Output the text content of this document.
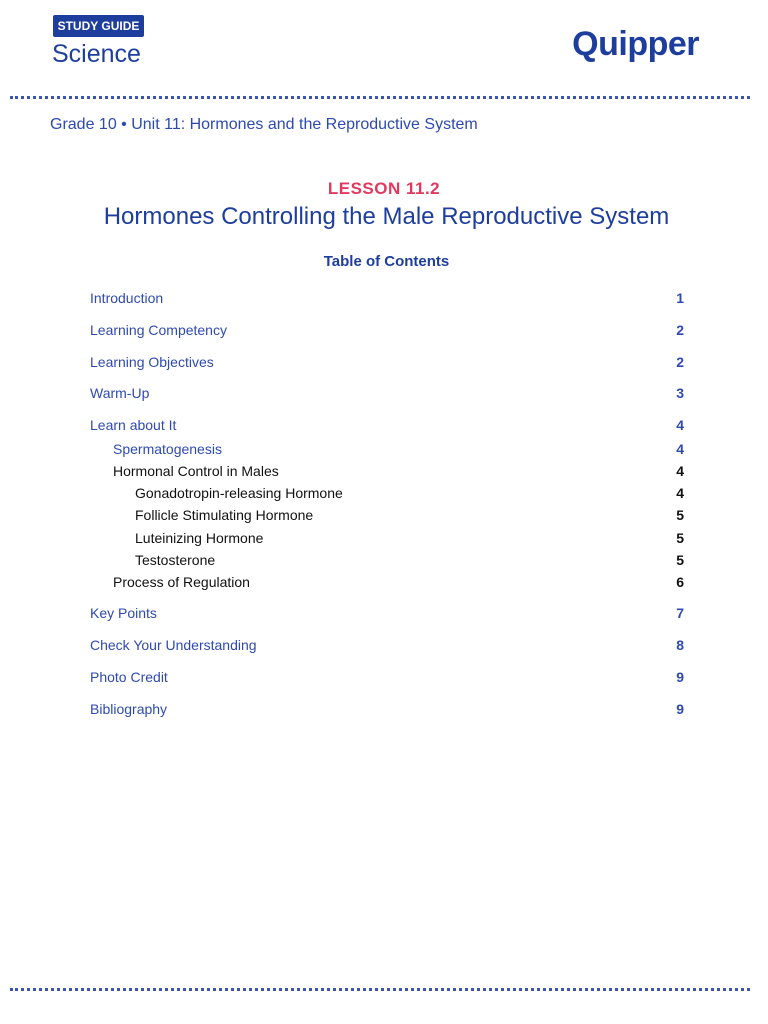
STUDY GUIDE
Science	Quipper
Grade 10 • Unit 11: Hormones and the Reproductive System
LESSON 11.2
Hormones Controlling the Male Reproductive System
Table of Contents
Introduction	1
Learning Competency	2
Learning Objectives	2
Warm-Up	3
Learn about It	4
Spermatogenesis	4
Hormonal Control in Males	4
Gonadotropin-releasing Hormone	4
Follicle Stimulating Hormone	5
Luteinizing Hormone	5
Testosterone	5
Process of Regulation	6
Key Points	7
Check Your Understanding	8
Photo Credit	9
Bibliography	9
